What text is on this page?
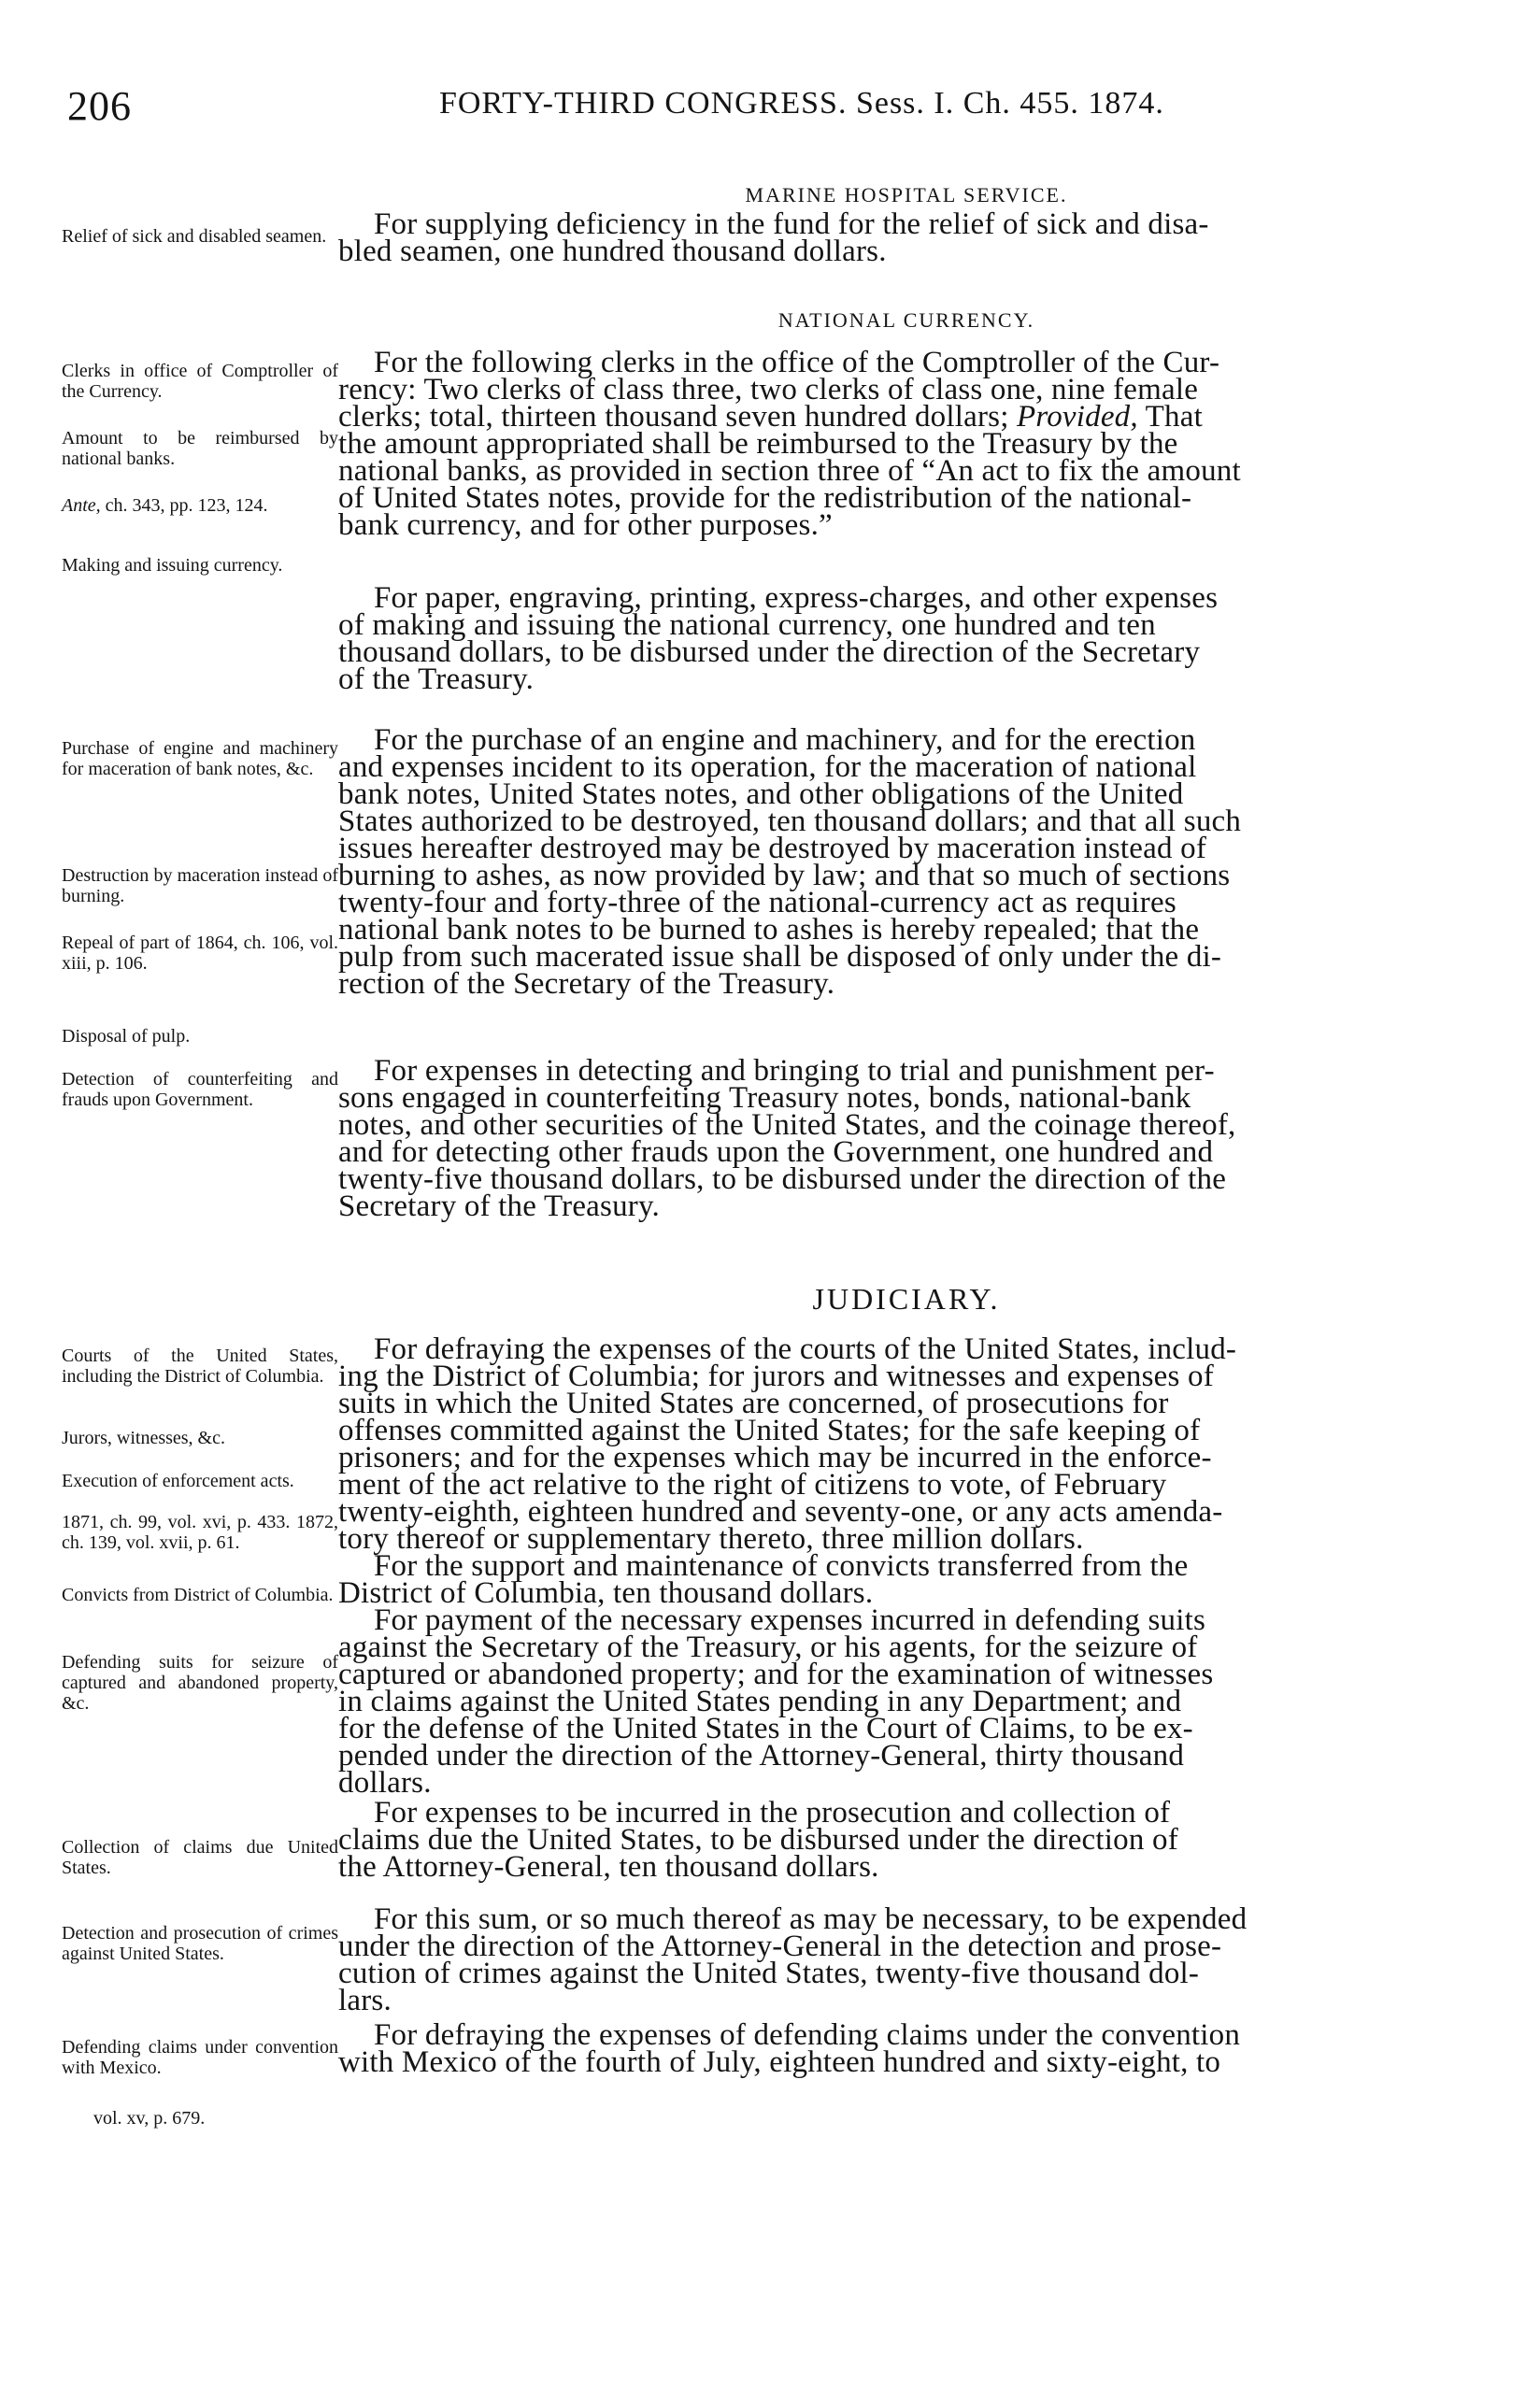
206	FORTY-THIRD CONGRESS. Sess. I. Ch. 455. 1874.
MARINE HOSPITAL SERVICE.
Relief of sick and disabled seamen.	For supplying deficiency in the fund for the relief of sick and disa-
bled seamen, one hundred thousand dollars.
NATIONAL CURRENCY.
Clerks in office of Comptroller of the Currency.
Amount to be reimbursed by national banks.
Ante, ch. 343, pp. 123, 124.
For the following clerks in the office of the Comptroller of the Cur-
rency: Two clerks of class three, two clerks of class one, nine female
clerks; total, thirteen thousand seven hundred dollars; Provided, That
the amount appropriated shall be reimbursed to the Treasury by the
national banks, as provided in section three of “An act to fix the amount
of United States notes, provide for the redistribution of the national-
bank currency, and for other purposes.”
Making and issuing currency.
For paper, engraving, printing, express-charges, and other expenses
of making and issuing the national currency, one hundred and ten
thousand dollars, to be disbursed under the direction of the Secretary
of the Treasury.
Purchase of engine and machinery for maceration of bank notes, &c.
Destruction by maceration instead of burning.
Repeal of part of 1864, ch. 106, vol. xiii, p. 106.
Disposal of pulp.
For the purchase of an engine and machinery, and for the erection
and expenses incident to its operation, for the maceration of national
bank notes, United States notes, and other obligations of the United
States authorized to be destroyed, ten thousand dollars; and that all such
issues hereafter destroyed may be destroyed by maceration instead of
burning to ashes, as now provided by law; and that so much of sections
twenty-four and forty-three of the national-currency act as requires
national bank notes to be burned to ashes is hereby repealed; that the
pulp from such macerated issue shall be disposed of only under the di-
rection of the Secretary of the Treasury.
Detection of counterfeiting and frauds upon Government.
For expenses in detecting and bringing to trial and punishment per-
sons engaged in counterfeiting Treasury notes, bonds, national-bank
notes, and other securities of the United States, and the coinage thereof,
and for detecting other frauds upon the Government, one hundred and
twenty-five thousand dollars, to be disbursed under the direction of the
Secretary of the Treasury.
JUDICIARY.
Courts of the United States, including the District of Columbia.
Jurors, witnesses, &c.
Execution of enforcement acts.
1871, ch. 99, vol. xvi, p. 433. 1872, ch. 139, vol. xvii, p. 61.
For defraying the expenses of the courts of the United States, includ-
ing the District of Columbia; for jurors and witnesses and expenses of
suits in which the United States are concerned, of prosecutions for
offenses committed against the United States; for the safe keeping of
prisoners; and for the expenses which may be incurred in the enforce-
ment of the act relative to the right of citizens to vote, of February
twenty-eighth, eighteen hundred and seventy-one, or any acts amenda-
tory thereof or supplementary thereto, three million dollars.
Convicts from District of Columbia.
For the support and maintenance of convicts transferred from the
District of Columbia, ten thousand dollars.
Defending suits for seizure of captured and abandoned property, &c.
For payment of the necessary expenses incurred in defending suits
against the Secretary of the Treasury, or his agents, for the seizure of
captured or abandoned property; and for the examination of witnesses
in claims against the United States pending in any Department; and
for the defense of the United States in the Court of Claims, to be ex-
pended under the direction of the Attorney-General, thirty thousand
dollars.
Collection of claims due United States.
For expenses to be incurred in the prosecution and collection of
claims due the United States, to be disbursed under the direction of
the Attorney-General, ten thousand dollars.
Detection and prosecution of crimes against United States.
For this sum, or so much thereof as may be necessary, to be expended
under the direction of the Attorney-General in the detection and prose-
cution of crimes against the United States, twenty-five thousand dol-
lars.
Defending claims under convention with Mexico.
vol. xv, p. 679.
For defraying the expenses of defending claims under the convention
with Mexico of the fourth of July, eighteen hundred and sixty-eight, to
